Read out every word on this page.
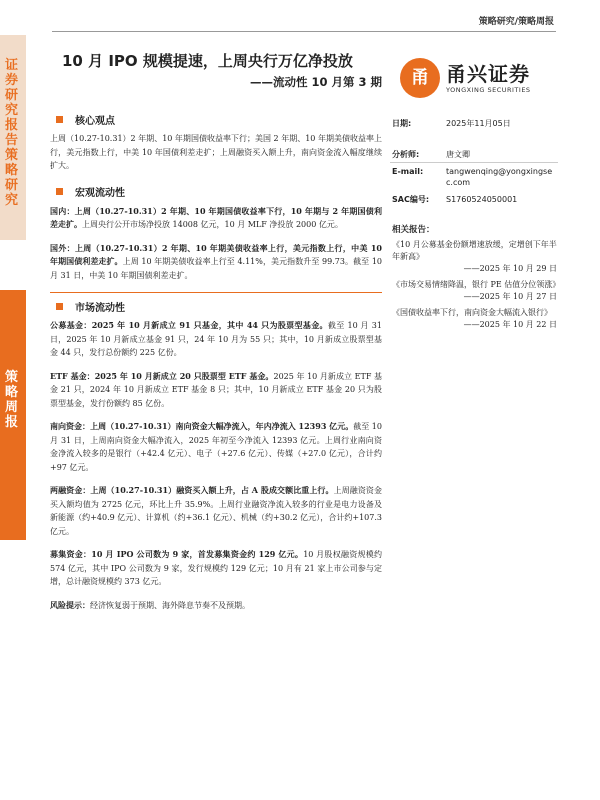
策略研究/策略周报
证券研究报告 策略研究
策略周报
10 月 IPO 规模提速，上周央行万亿净投放
——流动性 10 月第 3 期 甬 甬兴证券
YONGXING SECURITIES
核心观点

上周（10.27-10.31）2 年期、10 年期国债收益率下行；美国 2 年期、10 年期美债收益率上行，美元指数上行，中美 10 年国债利差走扩；上周融资买入额上升，南向资金流入幅度继续扩大。

宏观流动性

国内：上周（10.27-10.31）2 年期、10 年期国债收益率下行，10 年期与 2 年期国债利差走扩。上周央行公开市场净投放 14008 亿元，10 月 MLF 净投放 2000 亿元。

国外：上周（10.27-10.31）2 年期、10 年期美债收益率上行，美元指数上行，中美 10 年期国债利差走扩。上周 10 年期美债收益率上行至 4.11%，美元指数升至 99.73。截至 10 月 31 日，中美 10 年期国债利差走扩。

市场流动性

公募基金：2025 年 10 月新成立 91 只基金，其中 44 只为股票型基金。截至 10 月 31 日，2025 年 10 月新成立基金 91 只，24 年 10 月为 55 只；其中，10 月新成立股票型基金 44 只，发行总份额约 225 亿份。

ETF 基金：2025 年 10 月新成立 20 只股票型 ETF 基金。2025 年 10 月新成立 ETF 基金 21 只，2024 年 10 月新成立 ETF 基金 8 只；其中，10 月新成立 ETF 基金 20 只为股票型基金，发行份额约 85 亿份。

南向资金：上周（10.27-10.31）南向资金大幅净流入，年内净流入 12393 亿元。截至 10 月 31 日，上周南向资金大幅净流入，2025 年初至今净流入 12393 亿元。上周行业南向资金净流入较多的是银行（+42.4 亿元）、电子（+27.6 亿元）、传媒（+27.0 亿元），合计约+97 亿元。

两融资金：上周（10.27-10.31）融资买入额上升，占 A 股成交额比重上行。上周融资资金买入额均值为 2725 亿元，环比上升 35.9%。上周行业融资净流入较多的行业是电力设备及新能源（约+40.9 亿元）、计算机（约+36.1 亿元）、机械（约+30.2 亿元），合计约+107.3 亿元。

募集资金：10 月 IPO 公司数为 9 家，首发募集资金约 129 亿元。10 月股权融资规模约 574 亿元，其中 IPO 公司数为 9 家，发行规模约 129 亿元；10 月有 21 家上市公司参与定增，总计融资规模约 373 亿元。

风险提示：经济恢复弱于预期、海外降息节奏不及预期。

日期:	2025年11月05日
分析师:	唐文卿
E-mail:	tangwenqing@yongxingsec.com
SAC编号:	S1760524050001
相关报告：
《10 月公募基金份额增速放缓，定增创下年半年新高》
——2025 年 10 月 29 日
《市场交易情绪降温，银行 PE 估值分位领涨》
——2025 年 10 月 27 日
《国债收益率下行，南向资金大幅流入银行》
——2025 年 10 月 22 日
